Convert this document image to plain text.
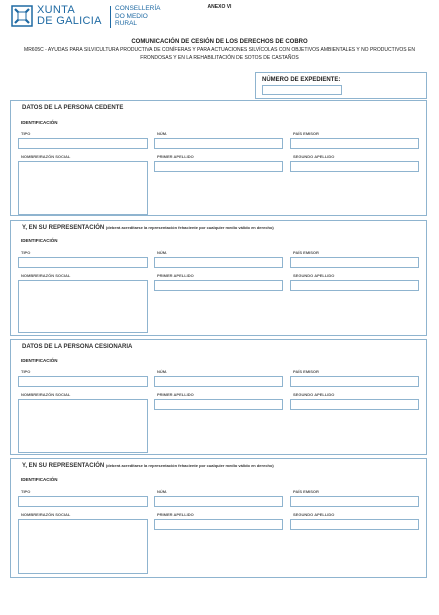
XUNTA
DE GALICIA
CONSELLERÍA
DO MEDIO
RURAL
ANEXO VI
COMUNICACIÓN DE CESIÓN DE LOS DERECHOS DE COBRO
MR605C - AYUDAS PARA SILVICULTURA PRODUCTIVA DE CONÍFERAS Y PARA ACTUACIONES SILVÍCOLAS CON OBJETIVOS AMBIENTALES Y NO PRODUCTIVOS EN
FRONDOSAS Y EN LA REHABILITACIÓN DE SOTOS DE CASTAÑOS
NÚMERO DE EXPEDIENTE:
DATOS DE LA PERSONA CEDENTE
IDENTIFICACIÓN
TIPO	NÚM.	PAÍS EMISOR
NOMBRE/RAZÓN SOCIAL	PRIMER APELLIDO	SEGUNDO APELLIDO
Y, EN SU REPRESENTACIÓN (deberá acreditarse la representación fehaciente por cualquier medio válido en derecho)
IDENTIFICACIÓN
TIPO	NÚM.	PAÍS EMISOR
NOMBRE/RAZÓN SOCIAL	PRIMER APELLIDO	SEGUNDO APELLIDO
DATOS DE LA PERSONA CESIONARIA
IDENTIFICACIÓN
TIPO	NÚM.	PAÍS EMISOR
NOMBRE/RAZÓN SOCIAL	PRIMER APELLIDO	SEGUNDO APELLIDO
Y, EN SU REPRESENTACIÓN (deberá acreditarse la representación fehaciente por cualquier medio válido en derecho)
IDENTIFICACIÓN
TIPO	NÚM.	PAÍS EMISOR
NOMBRE/RAZÓN SOCIAL	PRIMER APELLIDO	SEGUNDO APELLIDO
